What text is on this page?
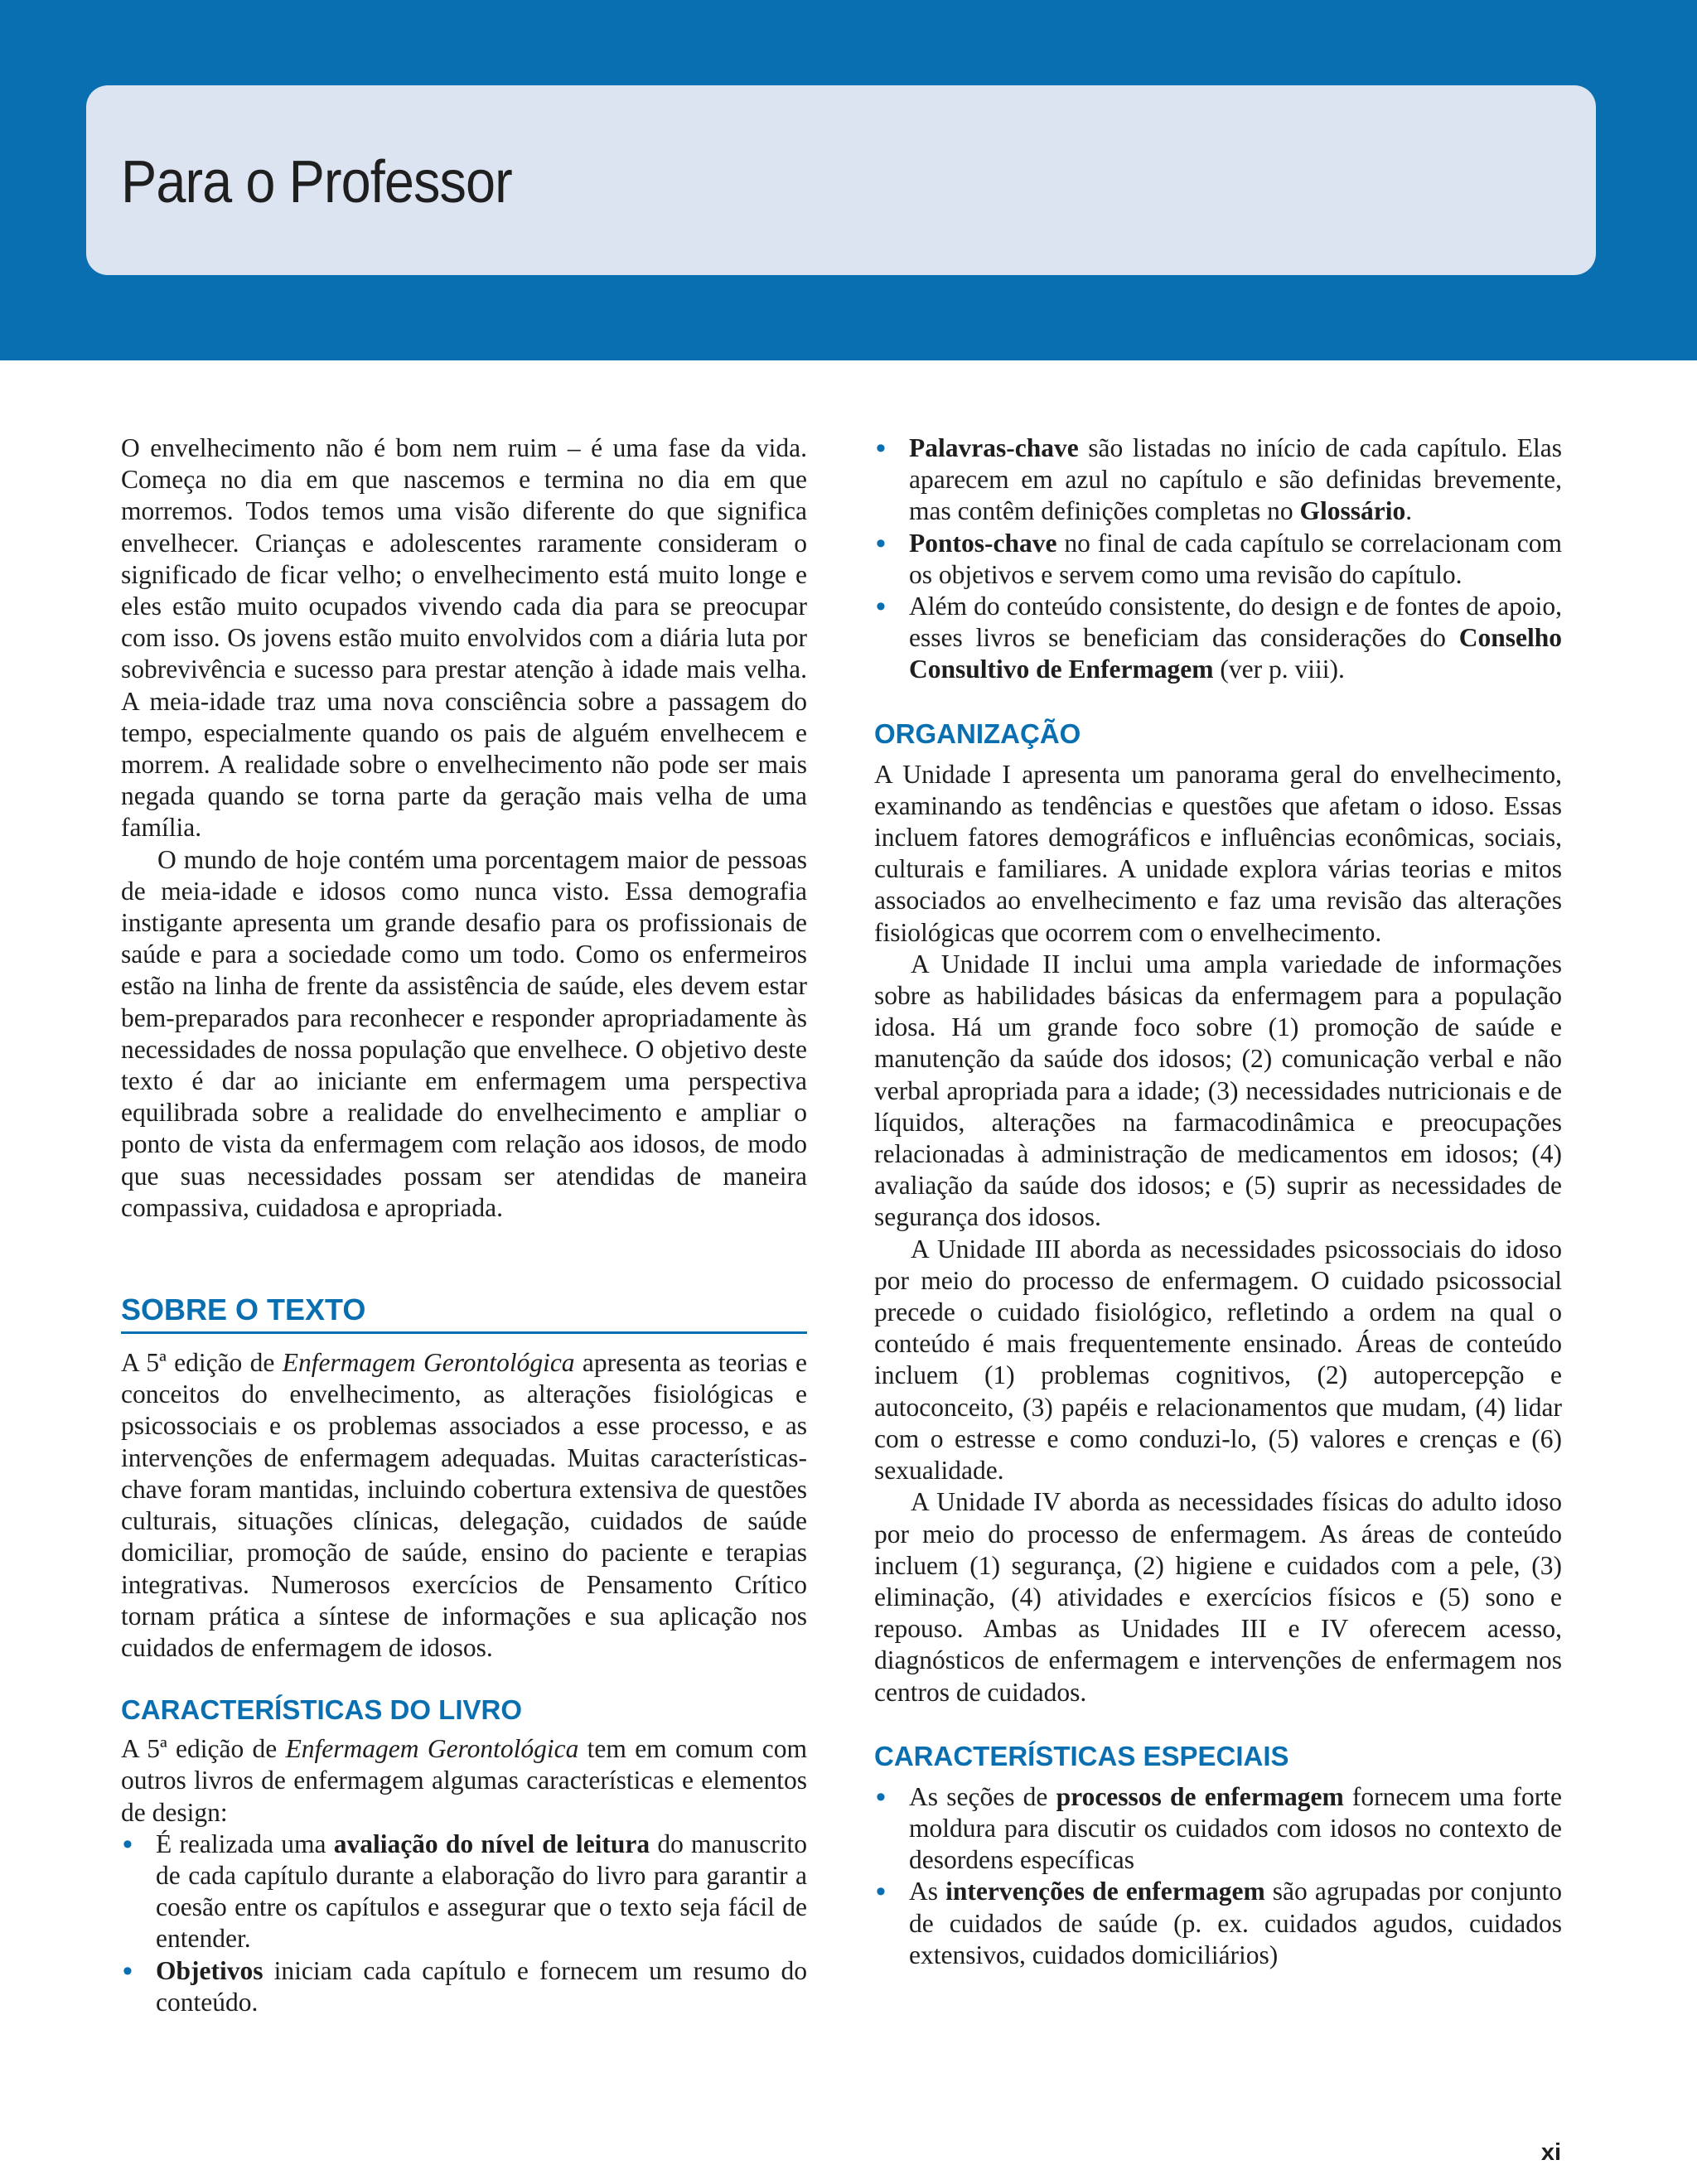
Para o Professor

O envelhecimento não é bom nem ruim – é uma fase da vida. Começa no dia em que nascemos e termina no dia em que morremos. Todos temos uma visão diferente do que significa envelhecer. Crianças e adolescentes raramente consideram o significado de ficar velho; o envelhecimento está muito longe e eles estão muito ocupados vivendo cada dia para se preocupar com isso. Os jovens estão muito envolvidos com a diária luta por sobrevivência e sucesso para prestar atenção à idade mais velha. A meia-idade traz uma nova consciência sobre a passagem do tempo, especialmente quando os pais de alguém envelhecem e morrem. A realidade sobre o envelhecimento não pode ser mais negada quando se torna parte da geração mais velha de uma família.

O mundo de hoje contém uma porcentagem maior de pessoas de meia-idade e idosos como nunca visto. Essa demografia instigante apresenta um grande desafio para os profissionais de saúde e para a sociedade como um todo. Como os enfermeiros estão na linha de frente da assistência de saúde, eles devem estar bem-preparados para reconhecer e responder apropriadamente às necessidades de nossa população que envelhece. O objetivo deste texto é dar ao iniciante em enfermagem uma perspectiva equilibrada sobre a realidade do envelhecimento e ampliar o ponto de vista da enfermagem com relação aos idosos, de modo que suas necessidades possam ser atendidas de maneira compassiva, cuidadosa e apropriada.

SOBRE O TEXTO

A 5ª edição de Enfermagem Gerontológica apresenta as teorias e conceitos do envelhecimento, as alterações fisiológicas e psicossociais e os problemas associados a esse processo, e as intervenções de enfermagem adequadas. Muitas características-chave foram mantidas, incluindo cobertura extensiva de questões culturais, situações clínicas, delegação, cuidados de saúde domiciliar, promoção de saúde, ensino do paciente e terapias integrativas. Numerosos exercícios de Pensamento Crítico tornam prática a síntese de informações e sua aplicação nos cuidados de enfermagem de idosos.

CARACTERÍSTICAS DO LIVRO

A 5ª edição de Enfermagem Gerontológica tem em comum com outros livros de enfermagem algumas características e elementos de design:

• É realizada uma avaliação do nível de leitura do manuscrito de cada capítulo durante a elaboração do livro para garantir a coesão entre os capítulos e assegurar que o texto seja fácil de entender.
• Objetivos iniciam cada capítulo e fornecem um resumo do conteúdo.
• Palavras-chave são listadas no início de cada capítulo. Elas aparecem em azul no capítulo e são definidas brevemente, mas contêm definições completas no Glossário.
• Pontos-chave no final de cada capítulo se correlacionam com os objetivos e servem como uma revisão do capítulo.
• Além do conteúdo consistente, do design e de fontes de apoio, esses livros se beneficiam das considerações do Conselho Consultivo de Enfermagem (ver p. viii).
ORGANIZAÇÃO

A Unidade I apresenta um panorama geral do envelhecimento, examinando as tendências e questões que afetam o idoso. Essas incluem fatores demográficos e influências econômicas, sociais, culturais e familiares. A unidade explora várias teorias e mitos associados ao envelhecimento e faz uma revisão das alterações fisiológicas que ocorrem com o envelhecimento.

A Unidade II inclui uma ampla variedade de informações sobre as habilidades básicas da enfermagem para a população idosa. Há um grande foco sobre (1) promoção de saúde e manutenção da saúde dos idosos; (2) comunicação verbal e não verbal apropriada para a idade; (3) necessidades nutricionais e de líquidos, alterações na farmacodinâmica e preocupações relacionadas à administração de medicamentos em idosos; (4) avaliação da saúde dos idosos; e (5) suprir as necessidades de segurança dos idosos.

A Unidade III aborda as necessidades psicossociais do idoso por meio do processo de enfermagem. O cuidado psicossocial precede o cuidado fisiológico, refletindo a ordem na qual o conteúdo é mais frequentemente ensinado. Áreas de conteúdo incluem (1) problemas cognitivos, (2) autopercepção e autoconceito, (3) papéis e relacionamentos que mudam, (4) lidar com o estresse e como conduzi-lo, (5) valores e crenças e (6) sexualidade.

A Unidade IV aborda as necessidades físicas do adulto idoso por meio do processo de enfermagem. As áreas de conteúdo incluem (1) segurança, (2) higiene e cuidados com a pele, (3) eliminação, (4) atividades e exercícios físicos e (5) sono e repouso. Ambas as Unidades III e IV oferecem acesso, diagnósticos de enfermagem e intervenções de enfermagem nos centros de cuidados.

CARACTERÍSTICAS ESPECIAIS
• As seções de processos de enfermagem fornecem uma forte moldura para discutir os cuidados com idosos no contexto de desordens específicas
• As intervenções de enfermagem são agrupadas por conjunto de cuidados de saúde (p. ex. cuidados agudos, cuidados extensivos, cuidados domiciliários)
xi
